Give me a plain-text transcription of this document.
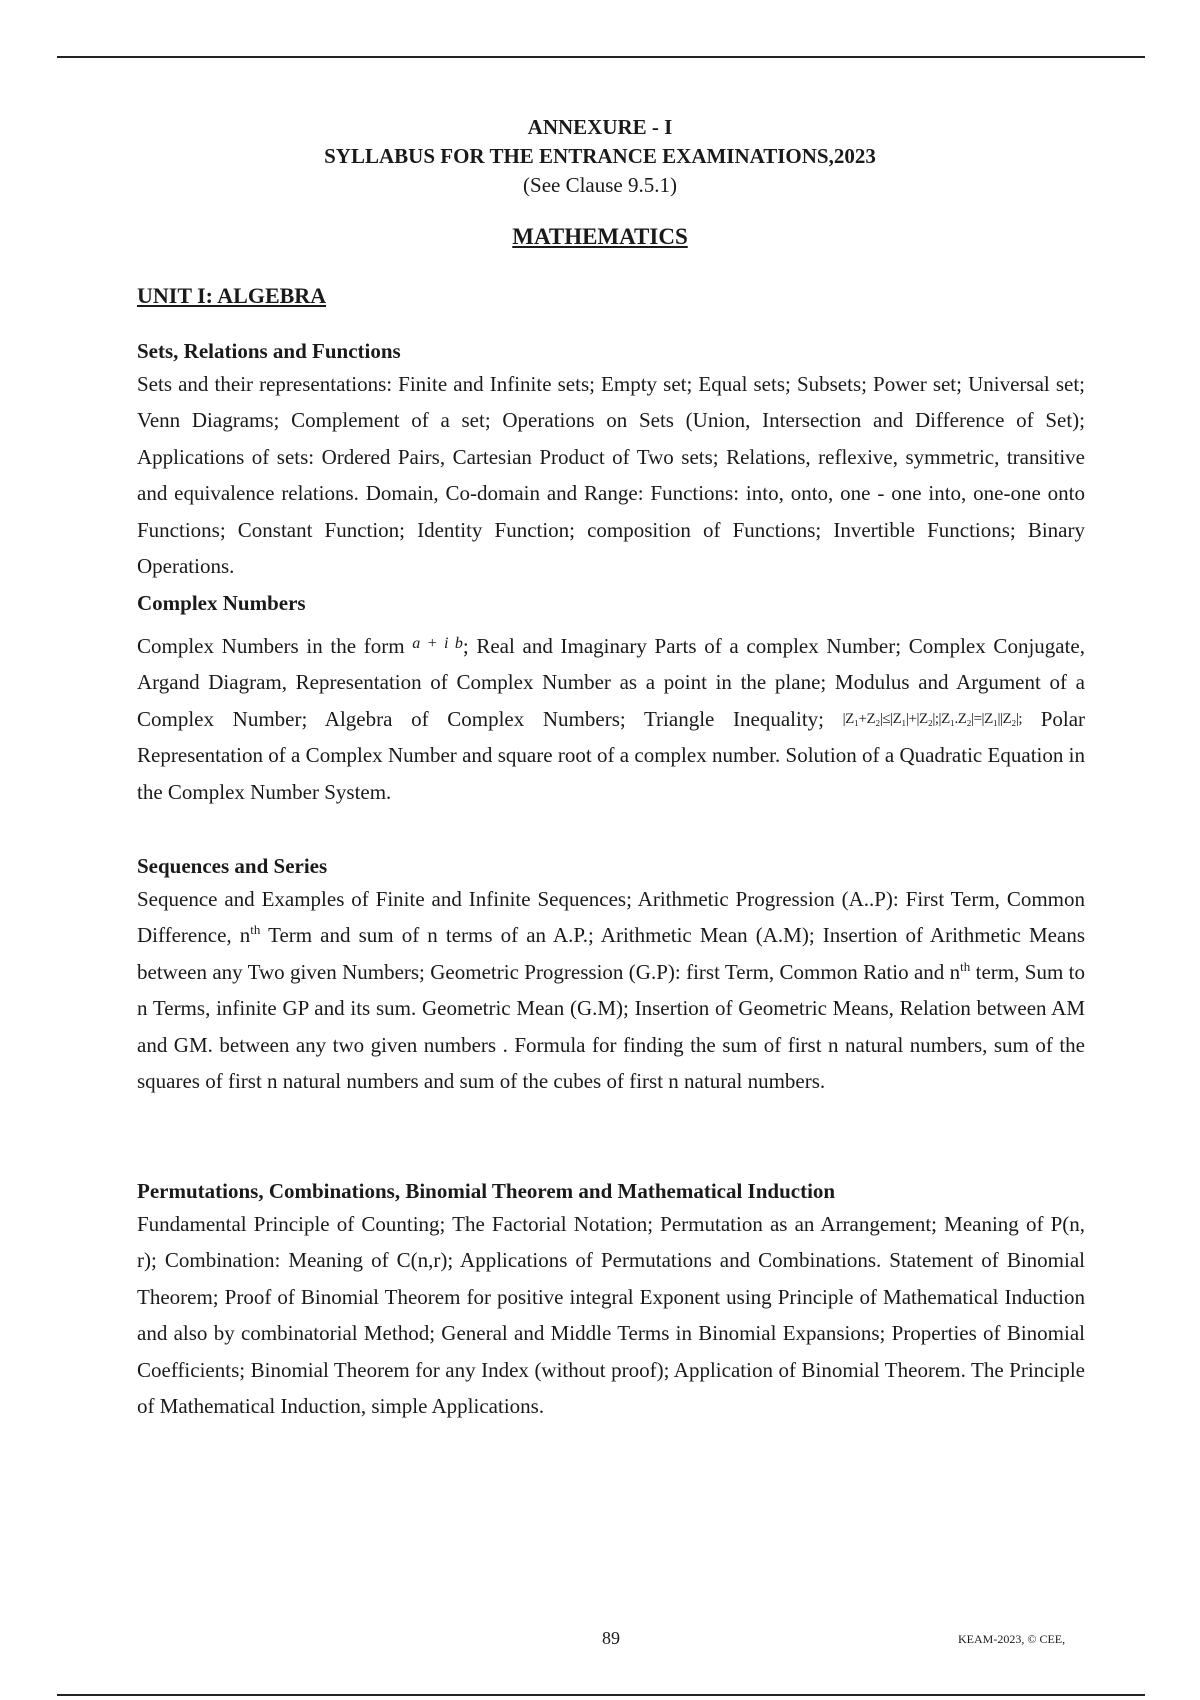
ANNEXURE - I
SYLLABUS FOR THE ENTRANCE EXAMINATIONS,2023
(See Clause 9.5.1)
MATHEMATICS
UNIT I: ALGEBRA
Sets, Relations and Functions
Sets and their representations: Finite and Infinite sets; Empty set; Equal sets; Subsets; Power set; Universal set; Venn Diagrams; Complement of a set; Operations on Sets (Union, Intersection and Difference of Set); Applications of sets: Ordered Pairs, Cartesian Product of Two sets; Relations, reflexive, symmetric, transitive and equivalence relations. Domain, Co-domain and Range: Functions: into, onto, one - one into, one-one onto Functions; Constant Function; Identity Function; composition of Functions; Invertible Functions; Binary Operations.
Complex Numbers
Complex Numbers in the form $^{a + i b}$; Real and Imaginary Parts of a complex Number; Complex Conjugate, Argand Diagram, Representation of Complex Number as a point in the plane; Modulus and Argument of a Complex Number; Algebra of Complex Numbers; Triangle Inequality; |Z₁+Z₂|≤|Z₁|+|Z₂|;|Z₁.Z₂|=|Z₁||Z₂|; Polar Representation of a Complex Number and square root of a complex number. Solution of a Quadratic Equation in the Complex Number System.
Sequences and Series
Sequence and Examples of Finite and Infinite Sequences; Arithmetic Progression (A..P): First Term, Common Difference, $n^{th}$ Term and sum of n terms of an A.P.; Arithmetic Mean (A.M); Insertion of Arithmetic Means between any Two given Numbers; Geometric Progression (G.P): first Term, Common Ratio and $n^{th}$ term, Sum to n Terms, infinite GP and its sum. Geometric Mean (G.M); Insertion of Geometric Means, Relation between AM and GM. between any two given numbers . Formula for finding the sum of first n natural numbers, sum of the squares of first n natural numbers and sum of the cubes of first n natural numbers.
Permutations, Combinations, Binomial Theorem and Mathematical Induction
Fundamental Principle of Counting; The Factorial Notation; Permutation as an Arrangement; Meaning of P(n, r); Combination: Meaning of C(n,r); Applications of Permutations and Combinations. Statement of Binomial Theorem; Proof of Binomial Theorem for positive integral Exponent using Principle of Mathematical Induction and also by combinatorial Method; General and Middle Terms in Binomial Expansions; Properties of Binomial Coefficients; Binomial Theorem for any Index (without proof); Application of Binomial Theorem. The Principle of Mathematical Induction, simple Applications.
89	KEAM-2023, © CEE,
